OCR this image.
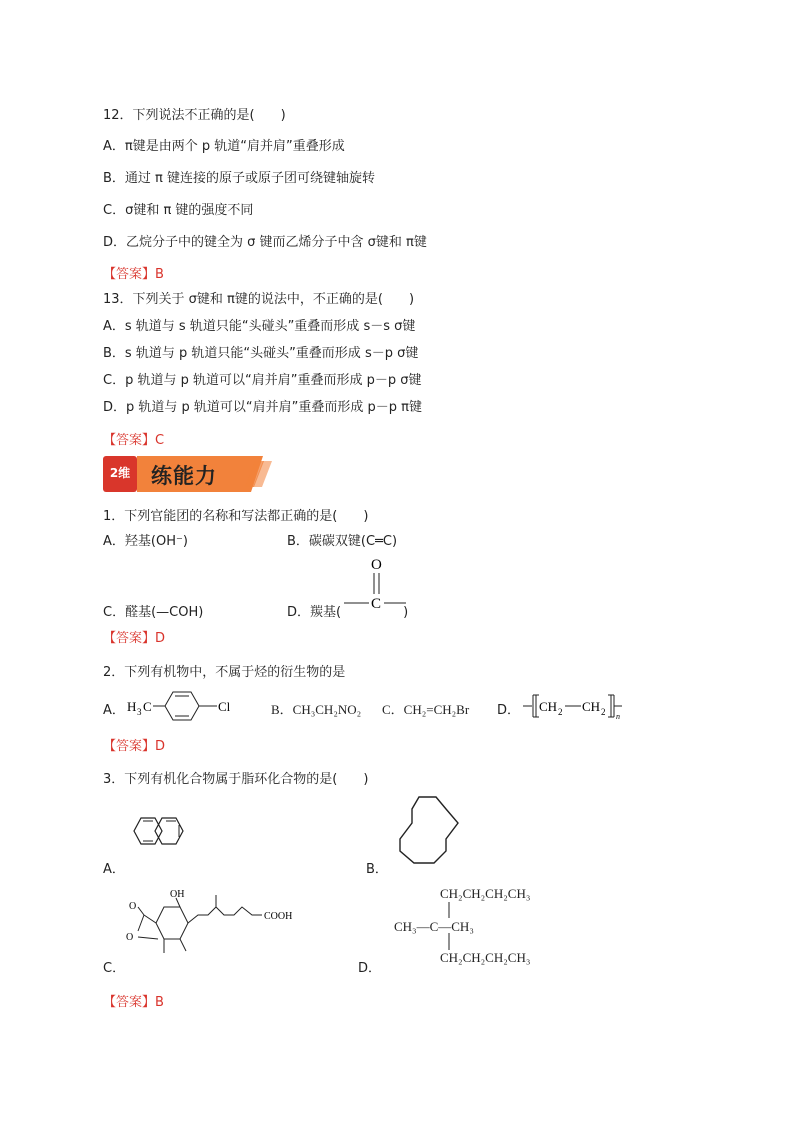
12．下列说法不正确的是(　　)
A．π键是由两个 p 轨道“肩并肩”重叠形成
B．通过 π 键连接的原子或原子团可绕键轴旋转
C．σ键和 π 键的强度不同
D．乙烷分子中的键全为 σ 键而乙烯分子中含 σ键和 π键
【答案】B
13．下列关于 σ键和 π键的说法中，不正确的是(　　)
A．s 轨道与 s 轨道只能“头碰头”重叠而形成 s－s σ键
B．s 轨道与 p 轨道只能“头碰头”重叠而形成 s－p σ键
C．p 轨道与 p 轨道可以“肩并肩”重叠而形成 p－p σ键
D．p 轨道与 p 轨道可以“肩并肩”重叠而形成 p－p π键
【答案】C
2维 练能力
1．下列官能团的名称和写法都正确的是(　　)
A．羟基(OH⁻)	B．碳碳双键(C═C)
C．醛基(—COH)	D．羰基(	)
O
C
【答案】D
2．下列有机物中，不属于烃的衍生物的是
A． H 3 C	Cl	B．CH₃CH₂NO₂ C．CH₂=CH₂Br D． CH 2 CH 2 n
【答案】D
3．下列有机化合物属于脂环化合物的是(　　)
A．	B．
C．
OH
O
O
COOH
D．
CH₂CH₂CH₂CH₃
CH₃—C—CH₃
CH₂CH₂CH₂CH₃
【答案】B
